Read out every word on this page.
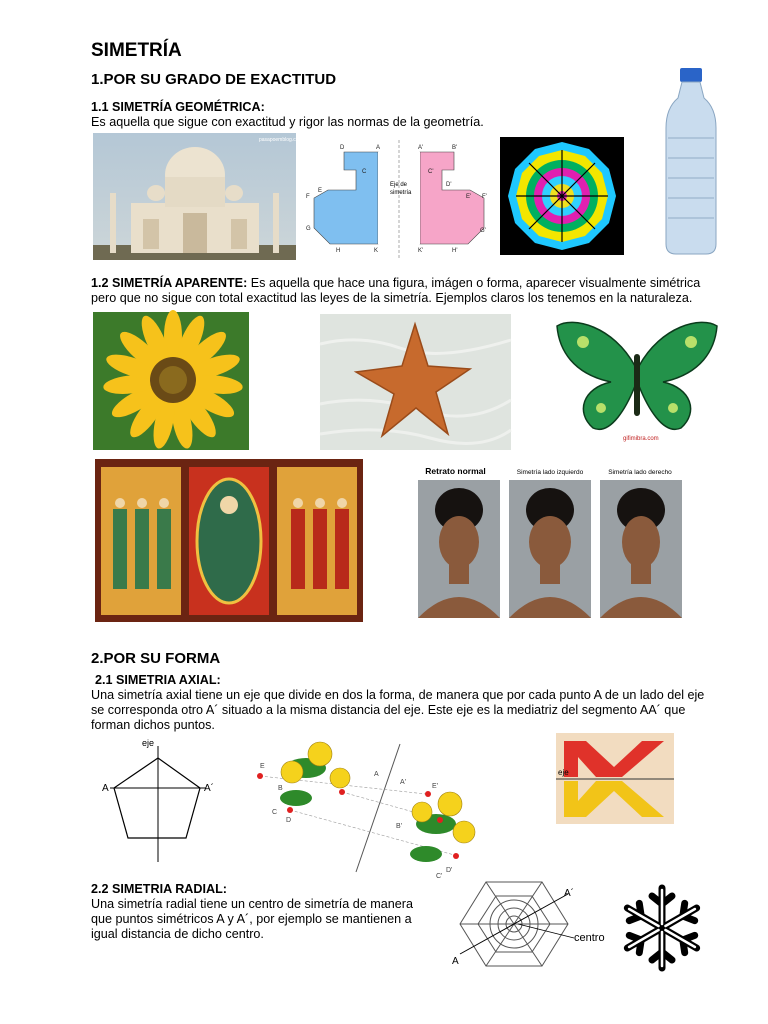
SIMETRÍA
1.POR SU GRADO DE EXACTITUD
1.1 SIMETRÍA GEOMÉTRICA:
Es aquella que sigue con exactitud y rigor las normas de la geometría.
pasapoemblog.com
Eje de
simetría
D	A
C
F
E
G
H	K
A'	B'
C'
D'
E' F'
G'
H'
K'
1.2 SIMETRÍA APARENTE: Es aquella que hace una figura, imágen o forma, aparecer visualmente simétrica pero que no sigue con total exactitud las leyes de la simetría. Ejemplos claros los tenemos en la naturaleza.
gifimibra.com
Retrato normal	Simetría lado izquierdo	Simetría lado derecho
2.POR SU FORMA
2.1 SIMETRIA AXIAL:
Una simetría axial tiene un eje que divide en dos la forma, de manera que por cada punto A de un lado del eje se corresponda otro A´ situado a la misma distancia del eje. Este eje es la mediatriz del segmento AA´ que forman dichos puntos.
eje
A	A´
A
A'
B
B'
C
C'
D
D'
E
E'
eje
2.2 SIMETRIA RADIAL:
Una simetría radial tiene un centro de simetría de manera que puntos simétricos A y A´, por ejemplo se mantienen a igual distancia de dicho centro.
A´
A
centro
